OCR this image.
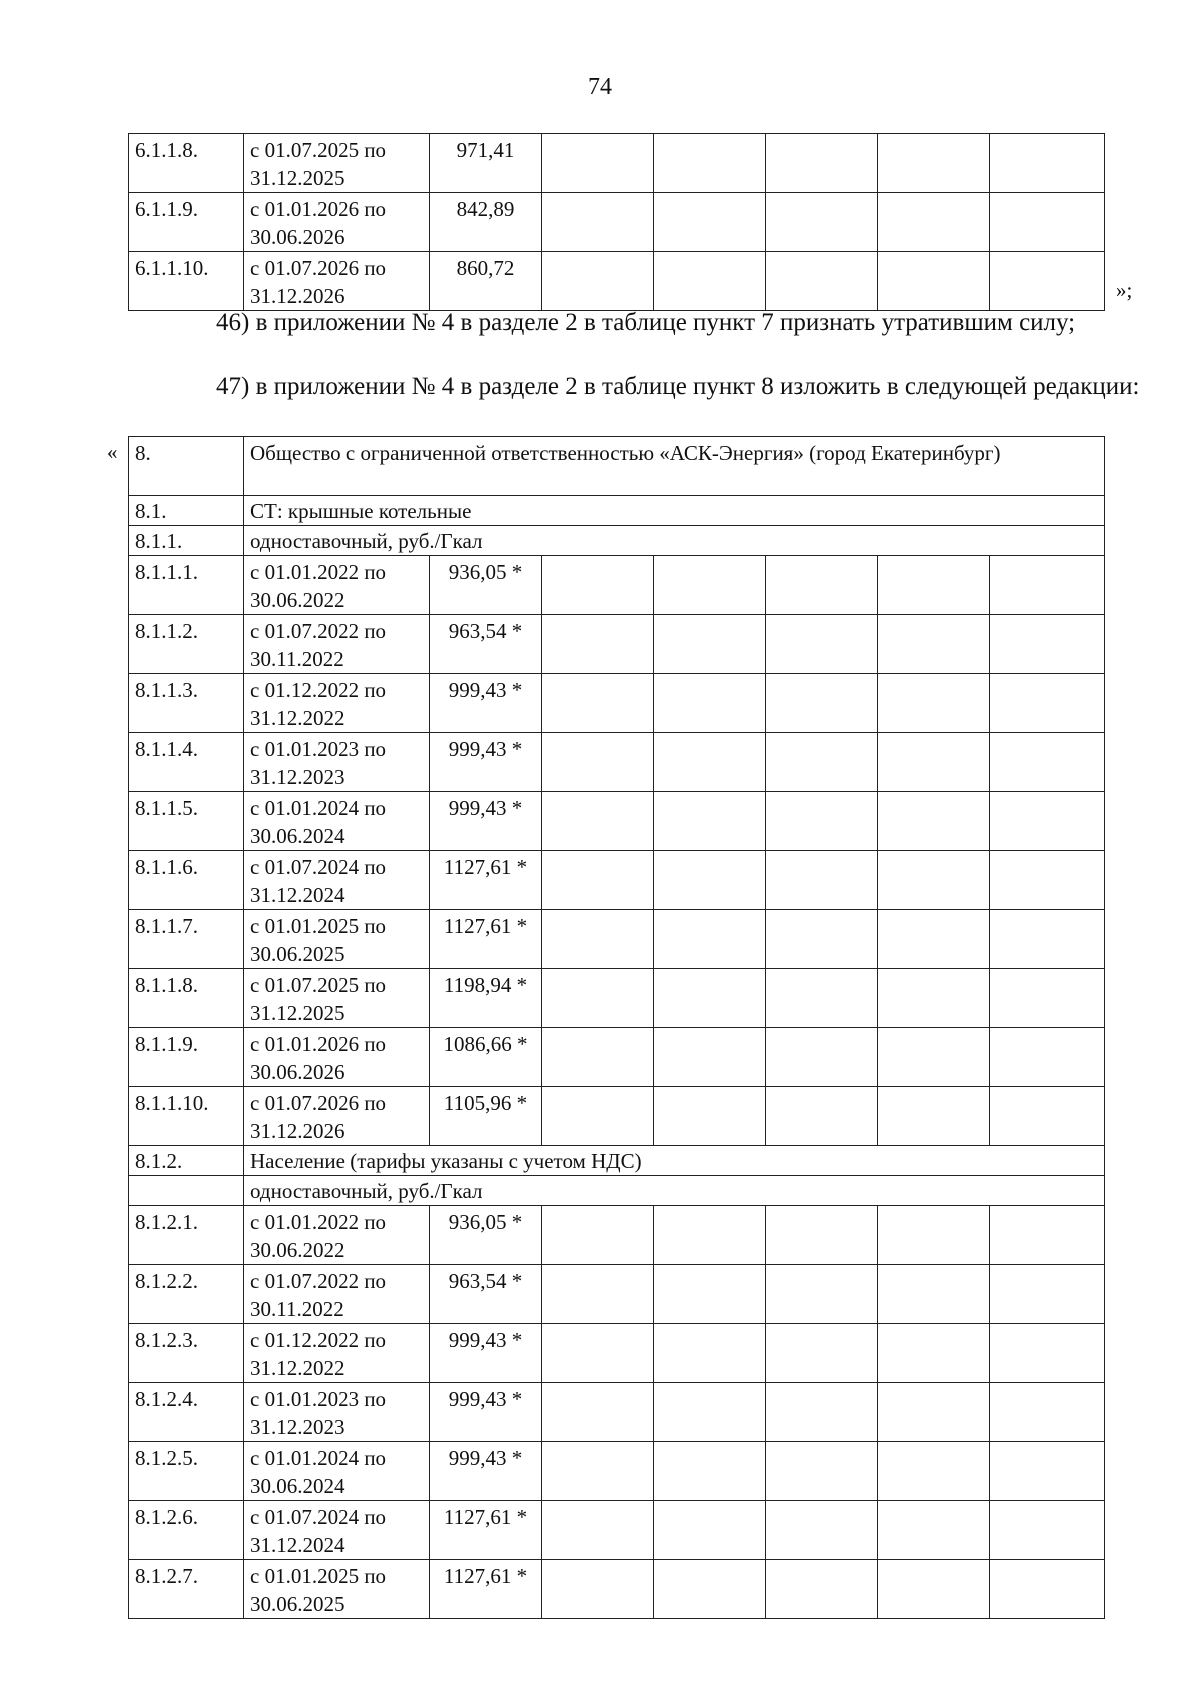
74
6.1.1.8.	с 01.07.2025 по 31.12.2025	971,41					
6.1.1.9.	с 01.01.2026 по 30.06.2026	842,89					
6.1.1.10.	с 01.07.2026 по 31.12.2026	860,72					
»;

46) в приложении № 4 в разделе 2 в таблице пункт 7 признать утратившим силу;

47) в приложении № 4 в разделе 2 в таблице пункт 8 изложить в следующей редакции:

« 8.	Общество с ограниченной ответственностью «АСК-Энергия» (город Екатеринбург)						
8.1.	СТ: крышные котельные						
8.1.1.	одноставочный, руб./Гкал						
8.1.1.1.	с 01.01.2022 по 30.06.2022	936,05 *					
8.1.1.2.	с 01.07.2022 по 30.11.2022	963,54 *					
8.1.1.3.	с 01.12.2022 по 31.12.2022	999,43 *					
8.1.1.4.	с 01.01.2023 по 31.12.2023	999,43 *					
8.1.1.5.	с 01.01.2024 по 30.06.2024	999,43 *					
8.1.1.6.	с 01.07.2024 по 31.12.2024	1127,61 *					
8.1.1.7.	с 01.01.2025 по 30.06.2025	1127,61 *					
8.1.1.8.	с 01.07.2025 по 31.12.2025	1198,94 *					
8.1.1.9.	с 01.01.2026 по 30.06.2026	1086,66 *					
8.1.1.10.	с 01.07.2026 по 31.12.2026	1105,96 *					
8.1.2.	Население (тарифы указаны с учетом НДС)						
	одноставочный, руб./Гкал						
8.1.2.1.	с 01.01.2022 по 30.06.2022	936,05 *					
8.1.2.2.	с 01.07.2022 по 30.11.2022	963,54 *					
8.1.2.3.	с 01.12.2022 по 31.12.2022	999,43 *					
8.1.2.4.	с 01.01.2023 по 31.12.2023	999,43 *					
8.1.2.5.	с 01.01.2024 по 30.06.2024	999,43 *					
8.1.2.6.	с 01.07.2024 по 31.12.2024	1127,61 *					
8.1.2.7.	с 01.01.2025 по 30.06.2025	1127,61 *					
